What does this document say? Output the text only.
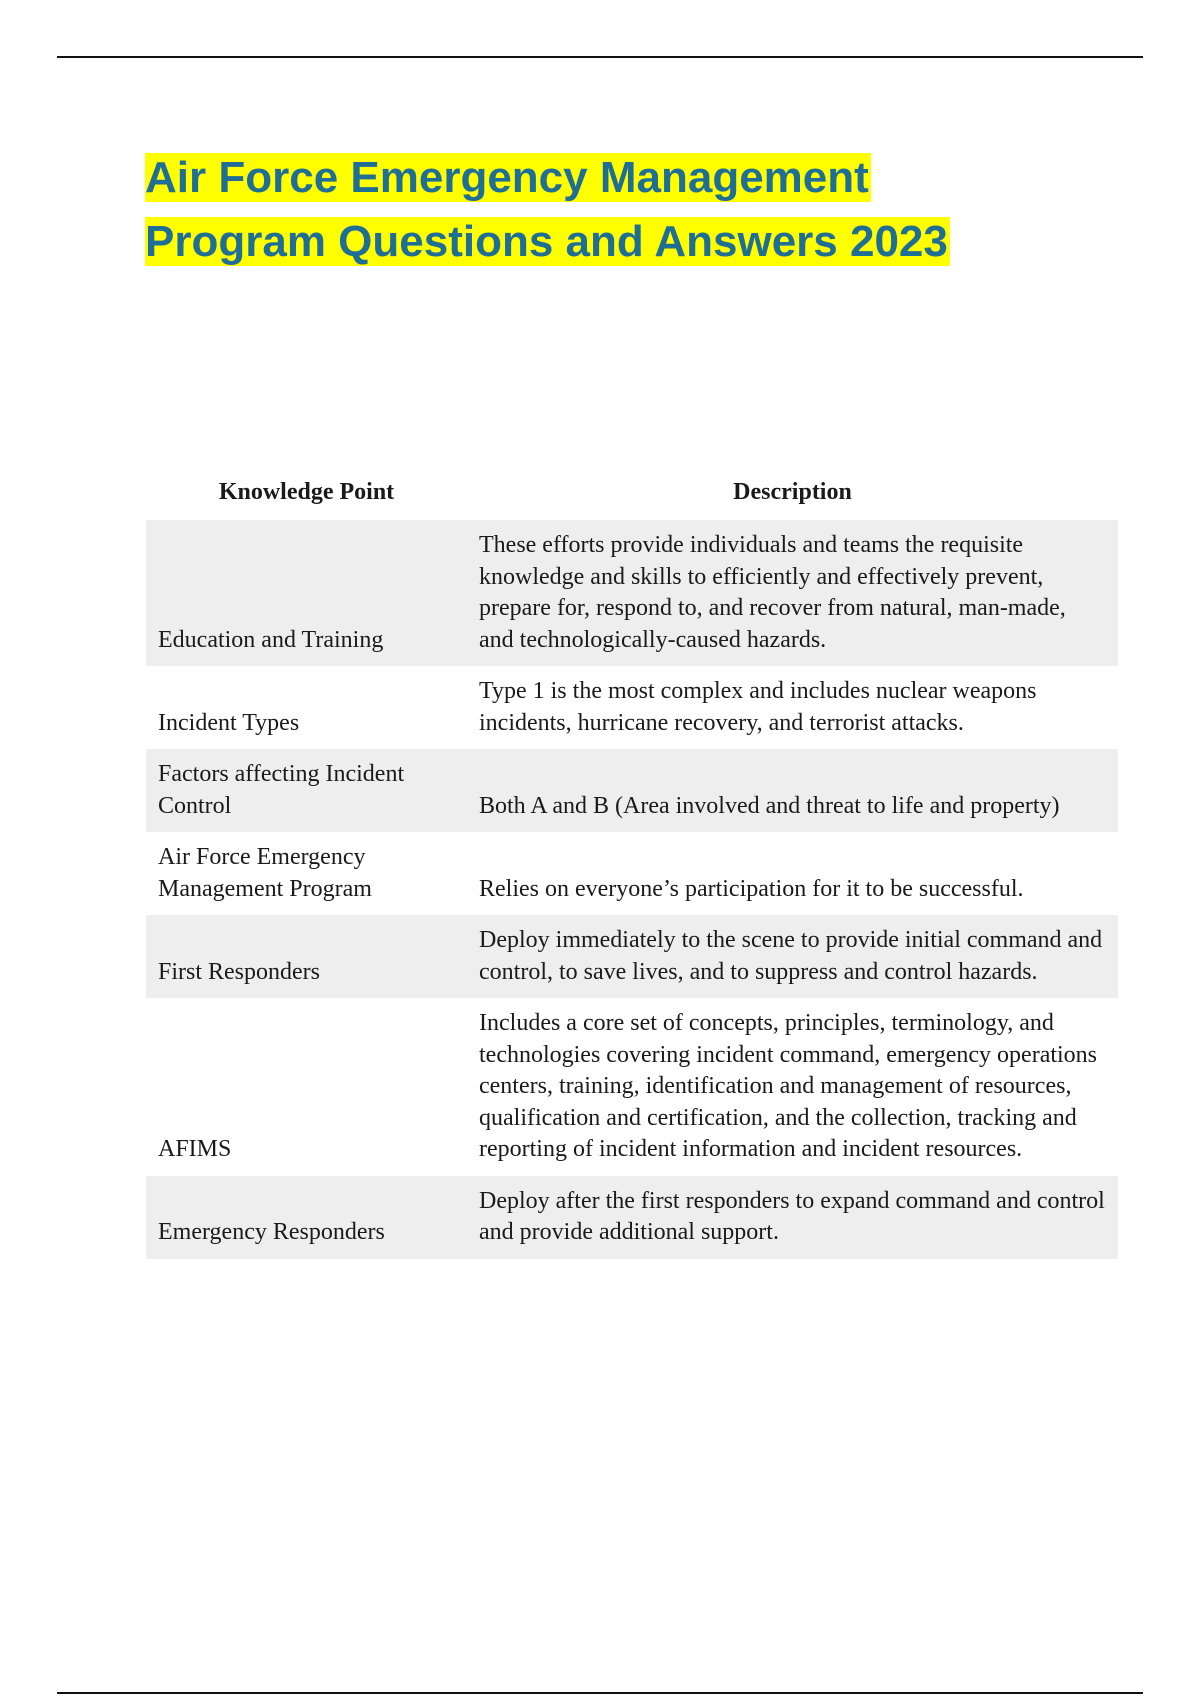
Air Force Emergency Management
Program Questions and Answers 2023
Knowledge Point	Description
Education and Training	These efforts provide individuals and teams the requisite knowledge and skills to efficiently and effectively prevent, prepare for, respond to, and recover from natural, man-made, and technologically-caused hazards.
Incident Types	Type 1 is the most complex and includes nuclear weapons incidents, hurricane recovery, and terrorist attacks.
Factors affecting Incident Control	Both A and B (Area involved and threat to life and property)
Air Force Emergency Management Program	Relies on everyone’s participation for it to be successful.
First Responders	Deploy immediately to the scene to provide initial command and control, to save lives, and to suppress and control hazards.
AFIMS	Includes a core set of concepts, principles, terminology, and technologies covering incident command, emergency operations centers, training, identification and management of resources, qualification and certification, and the collection, tracking and reporting of incident information and incident resources.
Emergency Responders	Deploy after the first responders to expand command and control and provide additional support.
